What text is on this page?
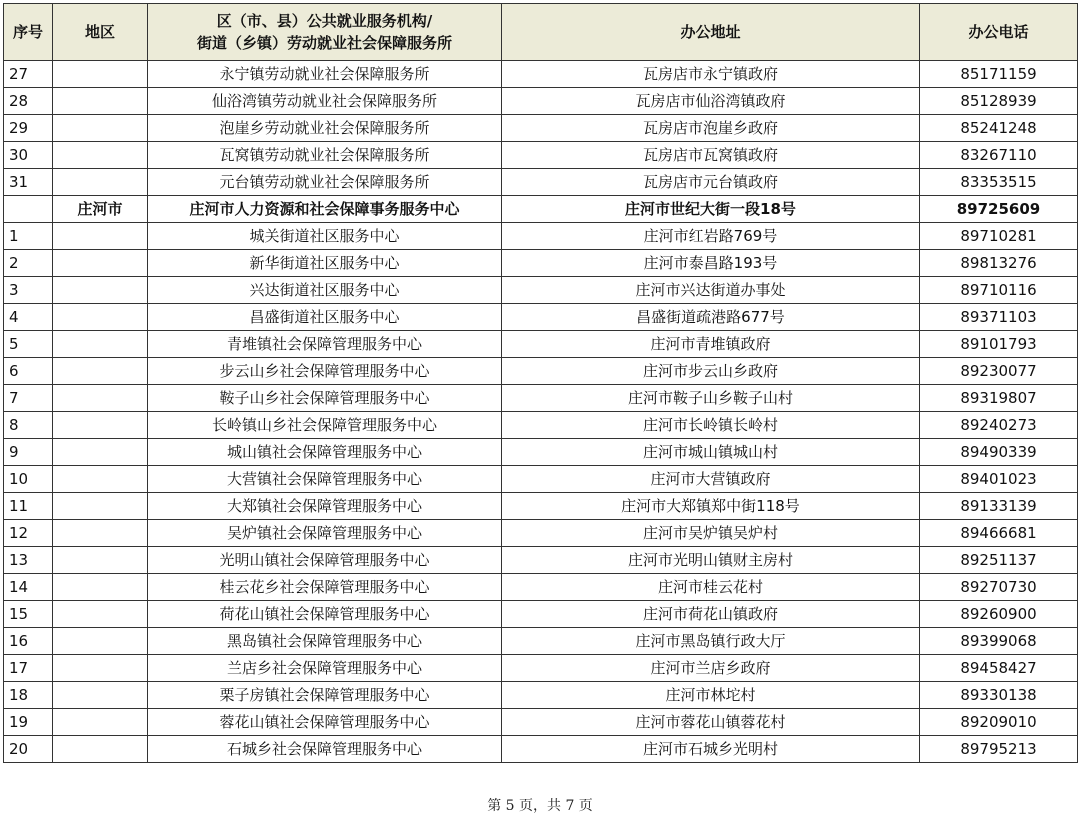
序号	地区	区（市、县）公共就业服务机构/
街道（乡镇）劳动就业社会保障服务所	办公地址	办公电话
27		永宁镇劳动就业社会保障服务所	瓦房店市永宁镇政府	85171159
28		仙浴湾镇劳动就业社会保障服务所	瓦房店市仙浴湾镇政府	85128939
29		泡崖乡劳动就业社会保障服务所	瓦房店市泡崖乡政府	85241248
30		瓦窝镇劳动就业社会保障服务所	瓦房店市瓦窝镇政府	83267110
31		元台镇劳动就业社会保障服务所	瓦房店市元台镇政府	83353515
	庄河市	庄河市人力资源和社会保障事务服务中心	庄河市世纪大街一段18号	89725609
1		城关街道社区服务中心	庄河市红岩路769号	89710281
2		新华街道社区服务中心	庄河市泰昌路193号	89813276
3		兴达街道社区服务中心	庄河市兴达街道办事处	89710116
4		昌盛街道社区服务中心	昌盛街道疏港路677号	89371103
5		青堆镇社会保障管理服务中心	庄河市青堆镇政府	89101793
6		步云山乡社会保障管理服务中心	庄河市步云山乡政府	89230077
7		鞍子山乡社会保障管理服务中心	庄河市鞍子山乡鞍子山村	89319807
8		长岭镇山乡社会保障管理服务中心	庄河市长岭镇长岭村	89240273
9		城山镇社会保障管理服务中心	庄河市城山镇城山村	89490339
10		大营镇社会保障管理服务中心	庄河市大营镇政府	89401023
11		大郑镇社会保障管理服务中心	庄河市大郑镇郑中街118号	89133139
12		吴炉镇社会保障管理服务中心	庄河市吴炉镇吴炉村	89466681
13		光明山镇社会保障管理服务中心	庄河市光明山镇财主房村	89251137
14		桂云花乡社会保障管理服务中心	庄河市桂云花村	89270730
15		荷花山镇社会保障管理服务中心	庄河市荷花山镇政府	89260900
16		黑岛镇社会保障管理服务中心	庄河市黑岛镇行政大厅	89399068
17		兰店乡社会保障管理服务中心	庄河市兰店乡政府	89458427
18		栗子房镇社会保障管理服务中心	庄河市林坨村	89330138
19		蓉花山镇社会保障管理服务中心	庄河市蓉花山镇蓉花村	89209010
20		石城乡社会保障管理服务中心	庄河市石城乡光明村	89795213
第 5 页，共 7 页
